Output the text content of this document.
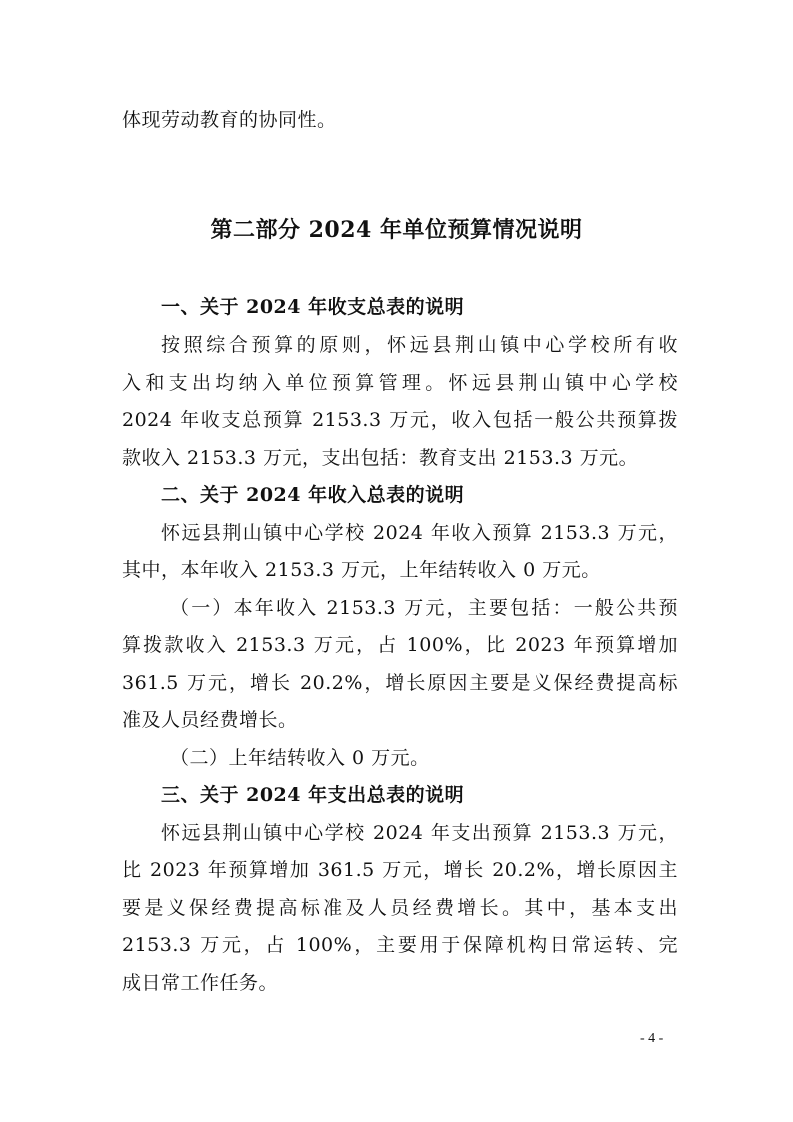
体现劳动教育的协同性。
第二部分 2024 年单位预算情况说明
一、关于 2024 年收支总表的说明
按照综合预算的原则，怀远县荆山镇中心学校所有收
入和支出均纳入单位预算管理。怀远县荆山镇中心学校
2024 年收支总预算 2153.3 万元，收入包括一般公共预算拨
款收入 2153.3 万元，支出包括：教育支出 2153.3 万元。
二、关于 2024 年收入总表的说明
怀远县荆山镇中心学校 2024 年收入预算 2153.3 万元，
其中，本年收入 2153.3 万元，上年结转收入 0 万元。
（一）本年收入 2153.3 万元，主要包括：一般公共预
算拨款收入 2153.3 万元，占 100%，比 2023 年预算增加
361.5 万元，增长 20.2%，增长原因主要是义保经费提高标
准及人员经费增长。
（二）上年结转收入 0 万元。
三、关于 2024 年支出总表的说明
怀远县荆山镇中心学校 2024 年支出预算 2153.3 万元，
比 2023 年预算增加 361.5 万元，增长 20.2%，增长原因主
要是义保经费提高标准及人员经费增长。其中，基本支出
2153.3 万元，占 100%，主要用于保障机构日常运转、完
成日常工作任务。
- 4 -
